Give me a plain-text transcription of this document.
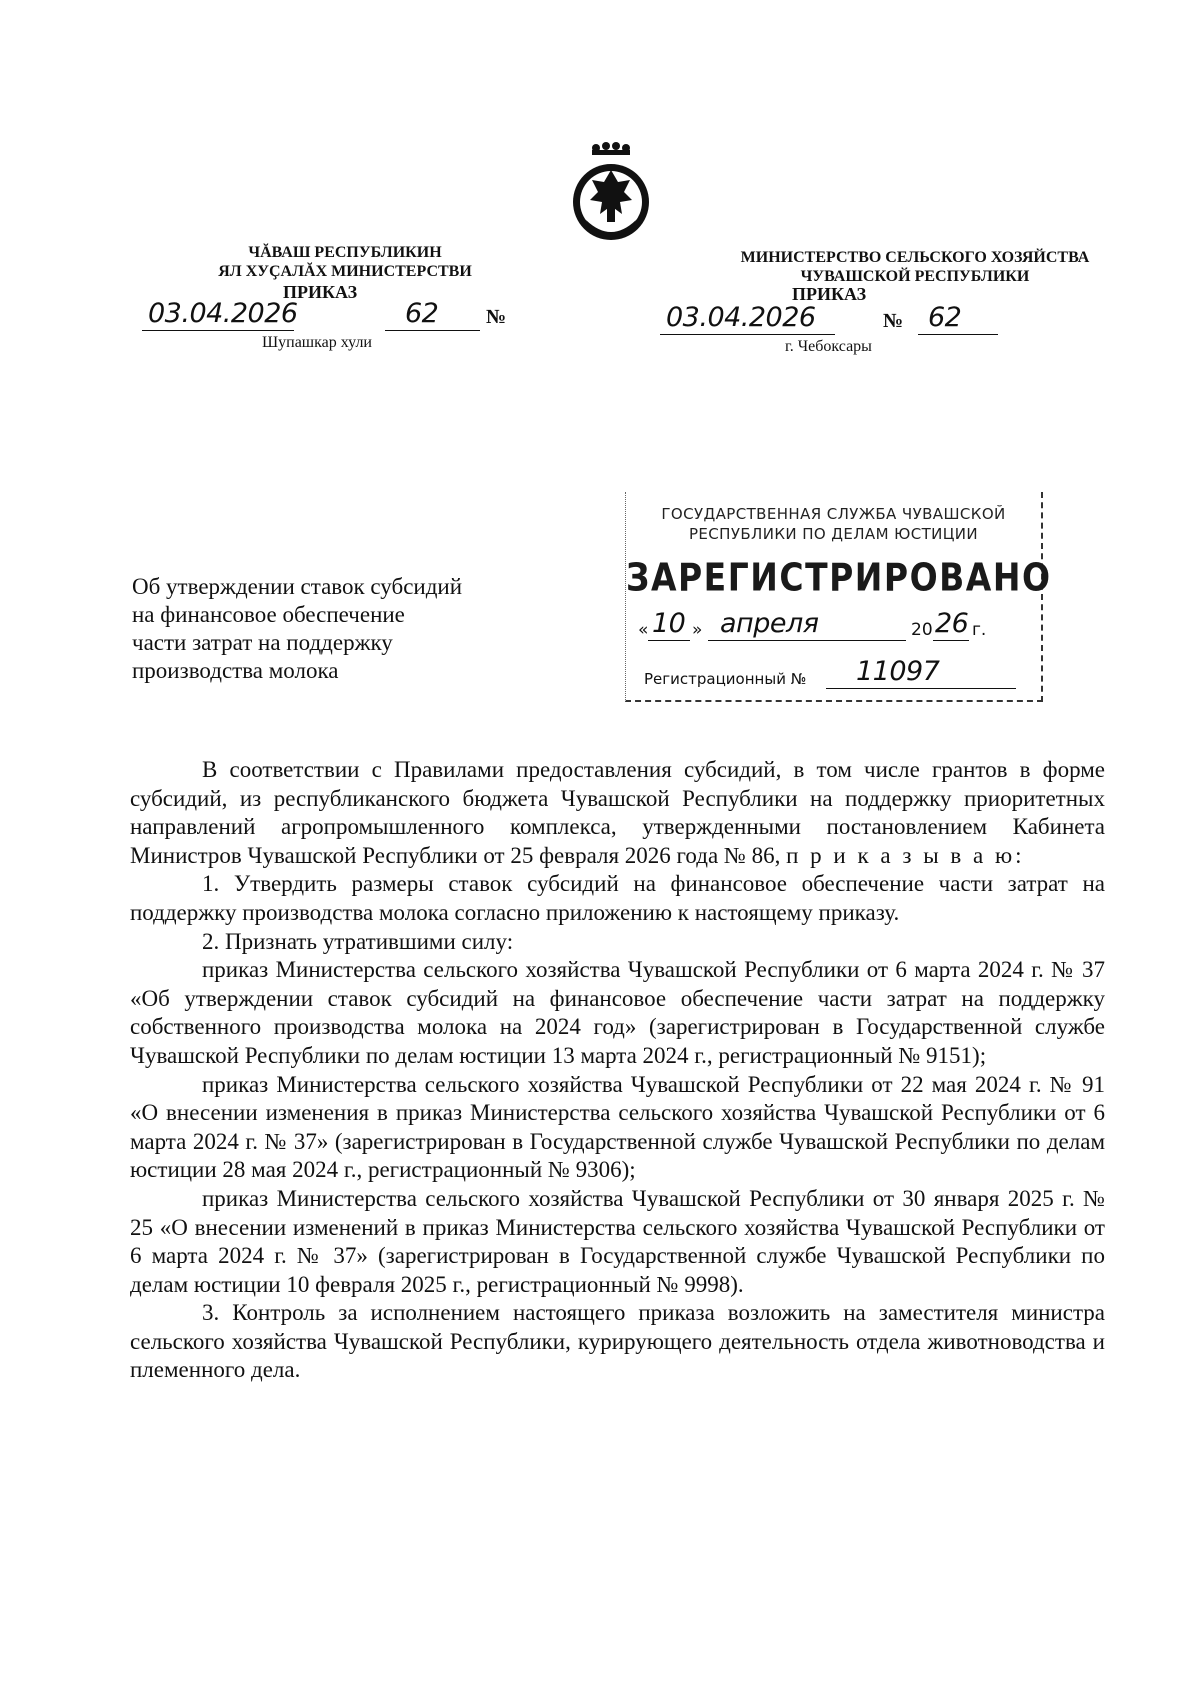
ЧĂВАШ РЕСПУБЛИКИН
ЯЛ ХУҪАЛĂХ МИНИСТЕРСТВИ
ПРИКАЗ
03.04.2026	62 №
Шупашкар хули
МИНИСТЕРСТВО СЕЛЬСКОГО ХОЗЯЙСТВА
ЧУВАШСКОЙ РЕСПУБЛИКИ
ПРИКАЗ
03.04.2026	№ 62
г. Чебоксары
ГОСУДАРСТВЕННАЯ СЛУЖБА ЧУВАШСКОЙ
РЕСПУБЛИКИ ПО ДЕЛАМ ЮСТИЦИИ
ЗАРЕГИСТРИРОВАНО
« 10 » апреля	20 26 г.
Регистрационный № 11097
Об утверждении ставок субсидий
на финансовое обеспечение
части затрат на поддержку
производства молока

В соответствии с Правилами предоставления субсидий, в том числе грантов в форме субсидий, из республиканского бюджета Чувашской Республики на поддержку приоритетных направлений агропромышленного комплекса, утвержденными постановлением Кабинета Министров Чувашской Республики от 25 февраля 2026 года № 86, п р и к а з ы в а ю:

1. Утвердить размеры ставок субсидий на финансовое обеспечение части затрат на поддержку производства молока согласно приложению к настоящему приказу.

2. Признать утратившими силу:

приказ Министерства сельского хозяйства Чувашской Республики от 6 марта 2024 г. № 37 «Об утверждении ставок субсидий на финансовое обеспечение части затрат на поддержку собственного производства молока на 2024 год» (зарегистрирован в Государственной службе Чувашской Республики по делам юстиции 13 марта 2024 г., регистрационный № 9151);

приказ Министерства сельского хозяйства Чувашской Республики от 22 мая 2024 г. № 91 «О внесении изменения в приказ Министерства сельского хозяйства Чувашской Республики от 6 марта 2024 г. № 37» (зарегистрирован в Государственной службе Чувашской Республики по делам юстиции 28 мая 2024 г., регистрационный № 9306);

приказ Министерства сельского хозяйства Чувашской Республики от 30 января 2025 г. № 25 «О внесении изменений в приказ Министерства сельского хозяйства Чувашской Республики от 6 марта 2024 г. № 37» (зарегистрирован в Государственной службе Чувашской Республики по делам юстиции 10 февраля 2025 г., регистрационный № 9998).

3. Контроль за исполнением настоящего приказа возложить на заместителя министра сельского хозяйства Чувашской Республики, курирующего деятельность отдела животноводства и племенного дела.
